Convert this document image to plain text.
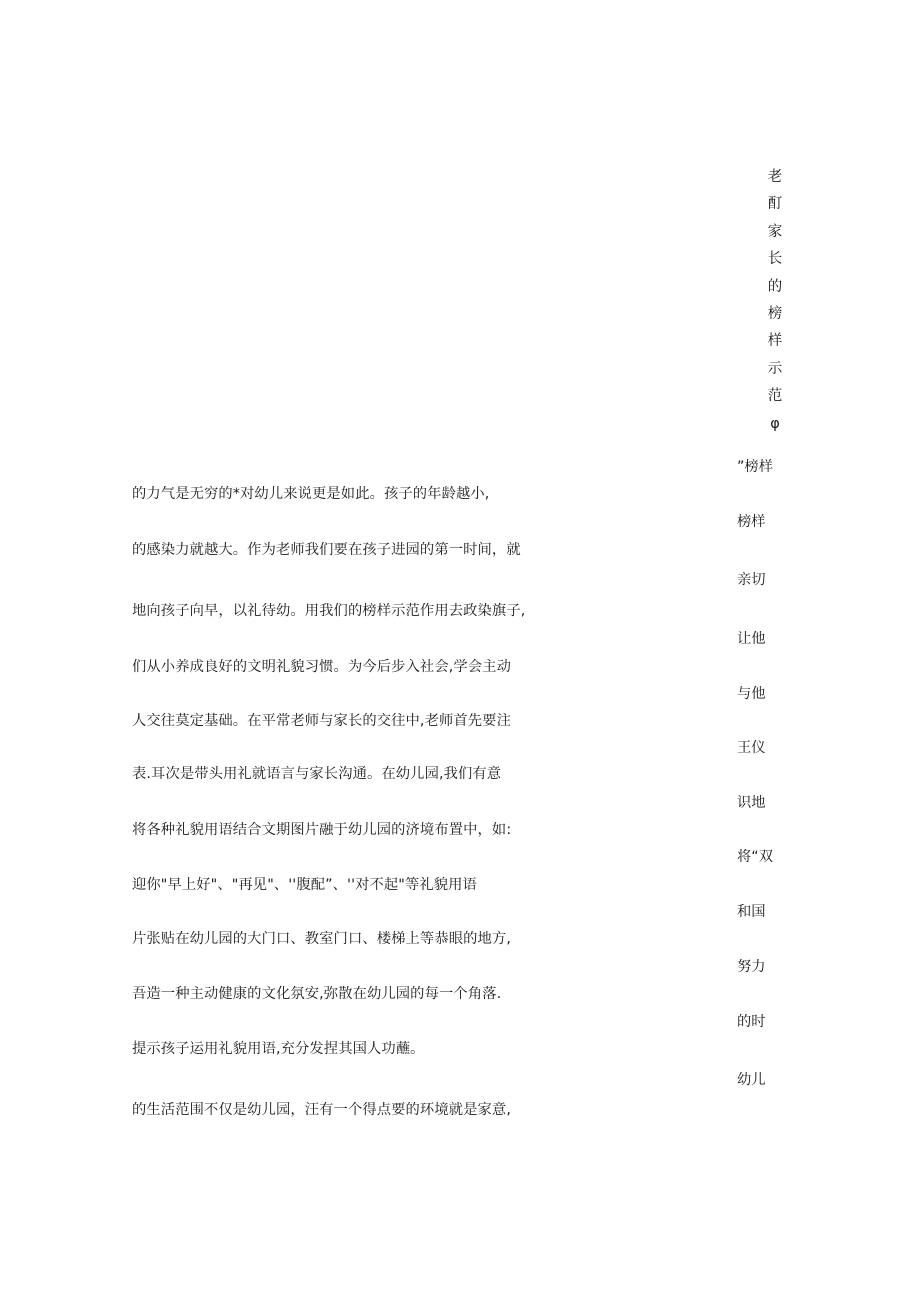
老
酊
家
长
的
榜
样
示
范
φ
的力气是无穷的*对幼儿来说更是如此。孩子的年龄越小,
的感染力就越大。作为老师我们要在孩子进园的第一时间，就
地向孩子向早，以礼待幼。用我们的榜样示范作用去政染旗子,
们从小养成良好的文明礼貌习惯。为今后步入社会,学会主动
人交往莫定基础。在平常老师与家长的交往中,老师首先要注
表.耳次是带头用礼就语言与家长沟通。在幼儿园,我们有意
将各种礼貌用语结合文期图片融于幼儿园的济境布置中，如:
迎你"早上好"、"再见"、''腹配”、''对不起"等礼貌用语
片张贴在幼儿园的大门口、教室门口、楼梯上等恭眼的地方,
吾造一种主动健康的文化氛安,弥散在幼儿园的每一个角落.
提示孩子运用礼貌用语,充分发捏其国人功蘸。
的生活范围不仅是幼儿园，汪有一个得点要的环境就是家意,
”榜样
榜样
亲切
让他
与他
王仪
识地
将“双
和国
努力
的时
幼儿
